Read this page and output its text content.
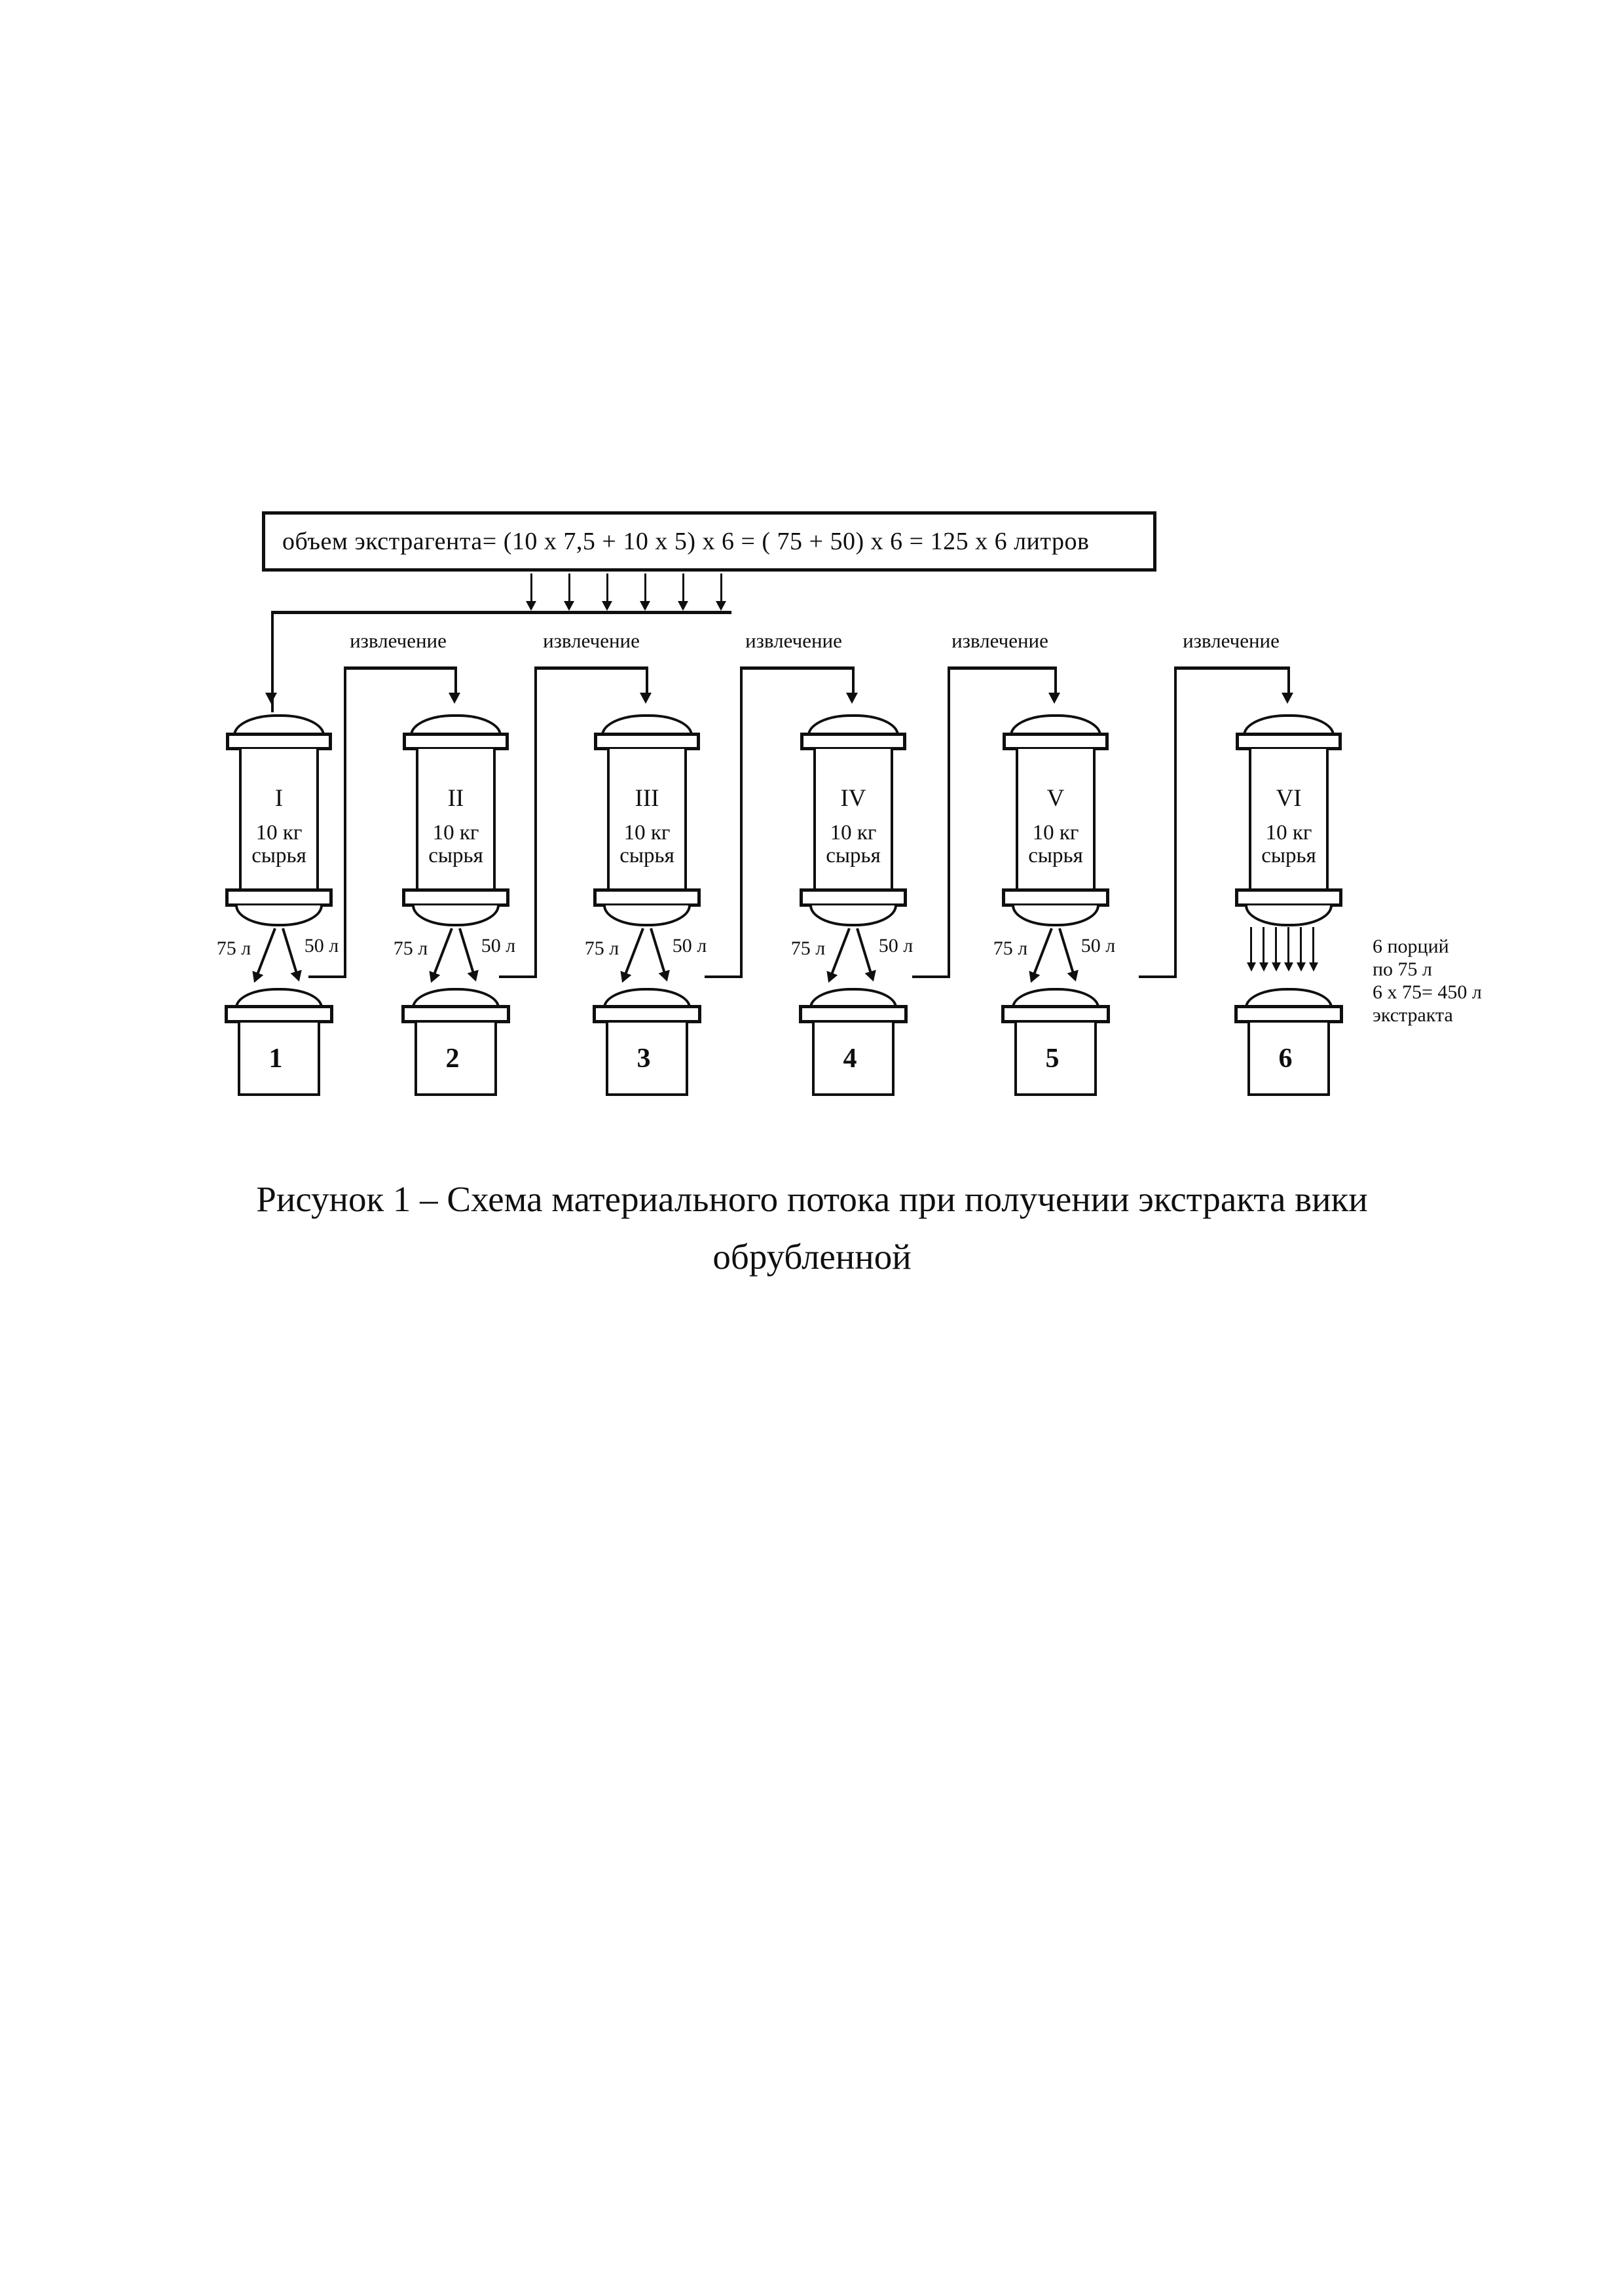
объем экстрагента= (10 х 7,5 + 10 х 5) х 6 = ( 75 + 50) х 6 = 125 х 6 литров
извлечение	извлечение	извлечение	извлечение	извлечение
I
10 кг
сырья
75 л	50 л
II
10 кг
сырья
75 л	50 л
III
10 кг
сырья
75 л	50 л
IV
10 кг
сырья
75 л	50 л
V
10 кг
сырья
75 л	50 л
VI
10 кг
сырья
1	2	3	4	5	6
6 порций
по 75 л
6 х 75= 450 л
экстракта
Рисунок 1 – Схема материального потока при получении экстракта вики
обрубленной
